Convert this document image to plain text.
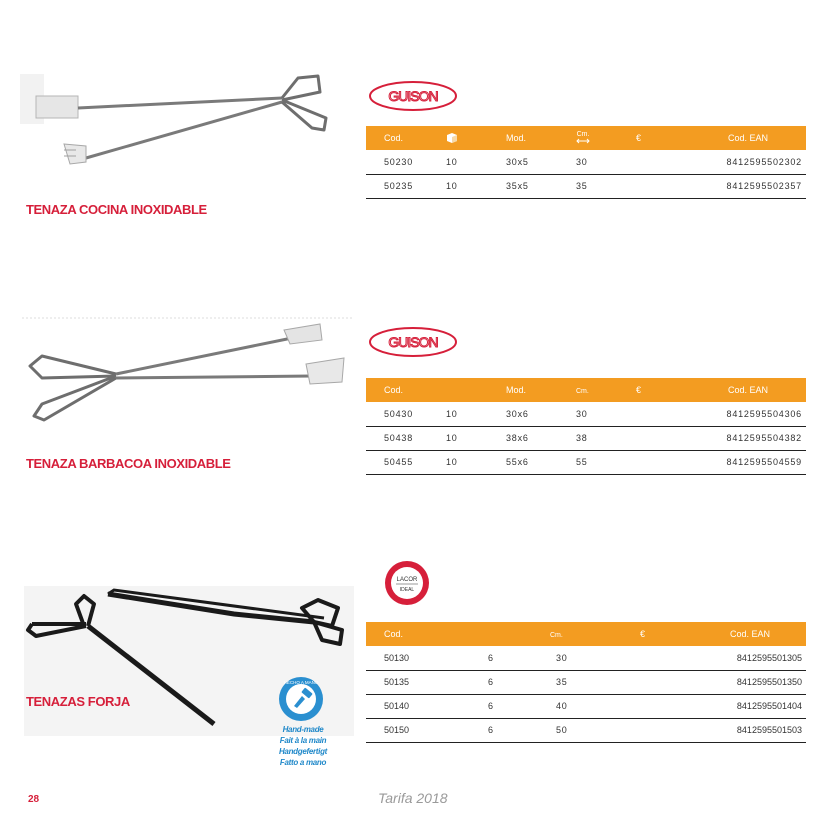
TENAZA COCINA INOXIDABLE
GUISON
Cod.		Mod.	Cm.	€	Cod. EAN
50230	10	30x5	30		8412595502302
50235	10	35x5	35		8412595502357
TENAZA BARBACOA INOXIDABLE
GUISON
Cod.		Mod.	Cm.	€	Cod. EAN
50430	10	30x6	30		8412595504306
50438	10	38x6	38		8412595504382
50455	10	55x6	55		8412595504559
TENAZAS FORJA
LACOR
IDEAL
Cod.		Cm.	€	Cod. EAN
50130	6	30		8412595501305
50135	6	35		8412595501350
50140	6	40		8412595501404
50150	6	50		8412595501503
HECHO A MANO
Hand-made
Fait à la main
Handgefertigt
Fatto a mano
28	Tarifa 2018
